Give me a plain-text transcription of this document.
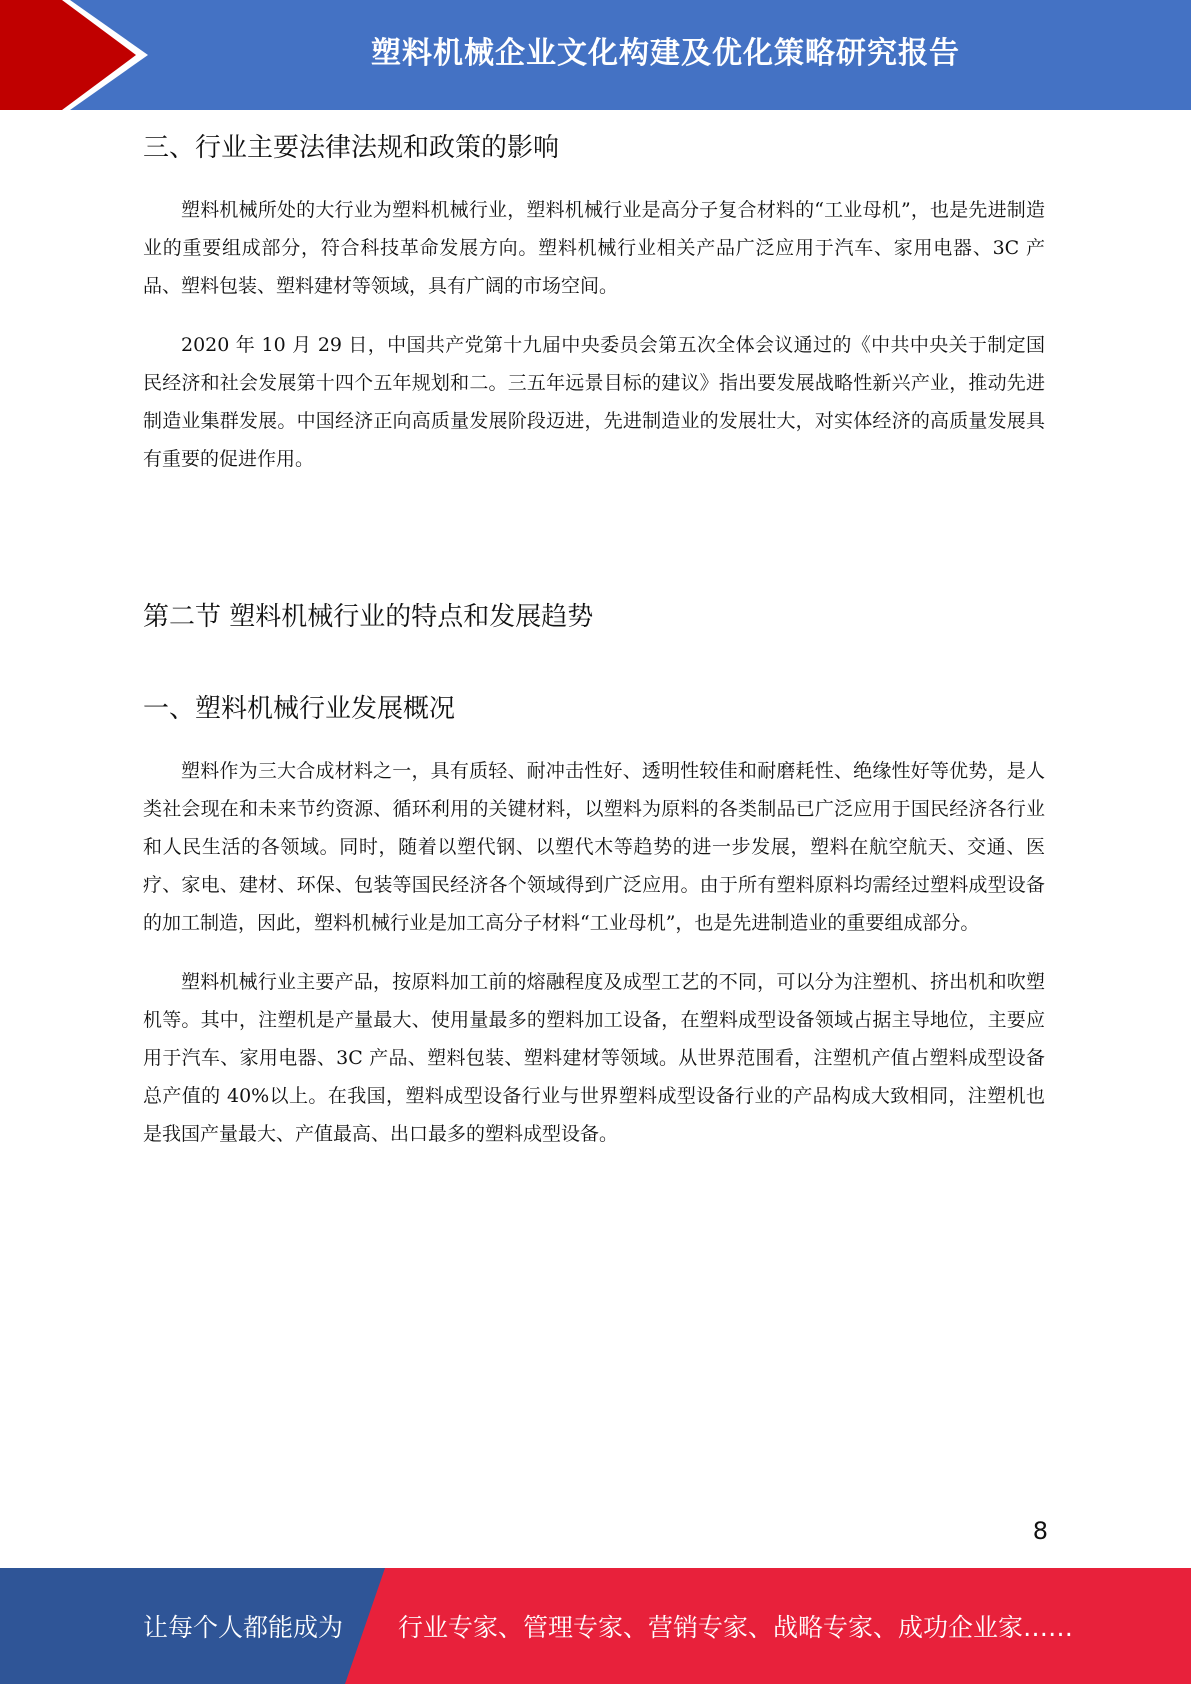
塑料机械企业文化构建及优化策略研究报告
三、行业主要法律法规和政策的影响

塑料机械所处的大行业为塑料机械行业，塑料机械行业是高分子复合材料的“工业母机”，也是先进制造业的重要组成部分，符合科技革命发展方向。塑料机械行业相关产品广泛应用于汽车、家用电器、3C 产品、塑料包装、塑料建材等领域，具有广阔的市场空间。

2020 年 10 月 29 日，中国共产党第十九届中央委员会第五次全体会议通过的《中共中央关于制定国民经济和社会发展第十四个五年规划和二。三五年远景目标的建议》指出要发展战略性新兴产业，推动先进制造业集群发展。中国经济正向高质量发展阶段迈进，先进制造业的发展壮大，对实体经济的高质量发展具有重要的促进作用。

第二节 塑料机械行业的特点和发展趋势
一、塑料机械行业发展概况

塑料作为三大合成材料之一，具有质轻、耐冲击性好、透明性较佳和耐磨耗性、绝缘性好等优势，是人类社会现在和未来节约资源、循环利用的关键材料，以塑料为原料的各类制品已广泛应用于国民经济各行业和人民生活的各领域。同时，随着以塑代钢、以塑代木等趋势的进一步发展，塑料在航空航天、交通、医疗、家电、建材、环保、包装等国民经济各个领域得到广泛应用。由于所有塑料原料均需经过塑料成型设备的加工制造，因此，塑料机械行业是加工高分子材料“工业母机”，也是先进制造业的重要组成部分。

塑料机械行业主要产品，按原料加工前的熔融程度及成型工艺的不同，可以分为注塑机、挤出机和吹塑机等。其中，注塑机是产量最大、使用量最多的塑料加工设备，在塑料成型设备领域占据主导地位，主要应用于汽车、家用电器、3C 产品、塑料包装、塑料建材等领域。从世界范围看，注塑机产值占塑料成型设备总产值的 40%以上。在我国，塑料成型设备行业与世界塑料成型设备行业的产品构成大致相同，注塑机也是我国产量最大、产值最高、出口最多的塑料成型设备。

8
让每个人都能成为 行业专家、管理专家、营销专家、战略专家、成功企业家……
